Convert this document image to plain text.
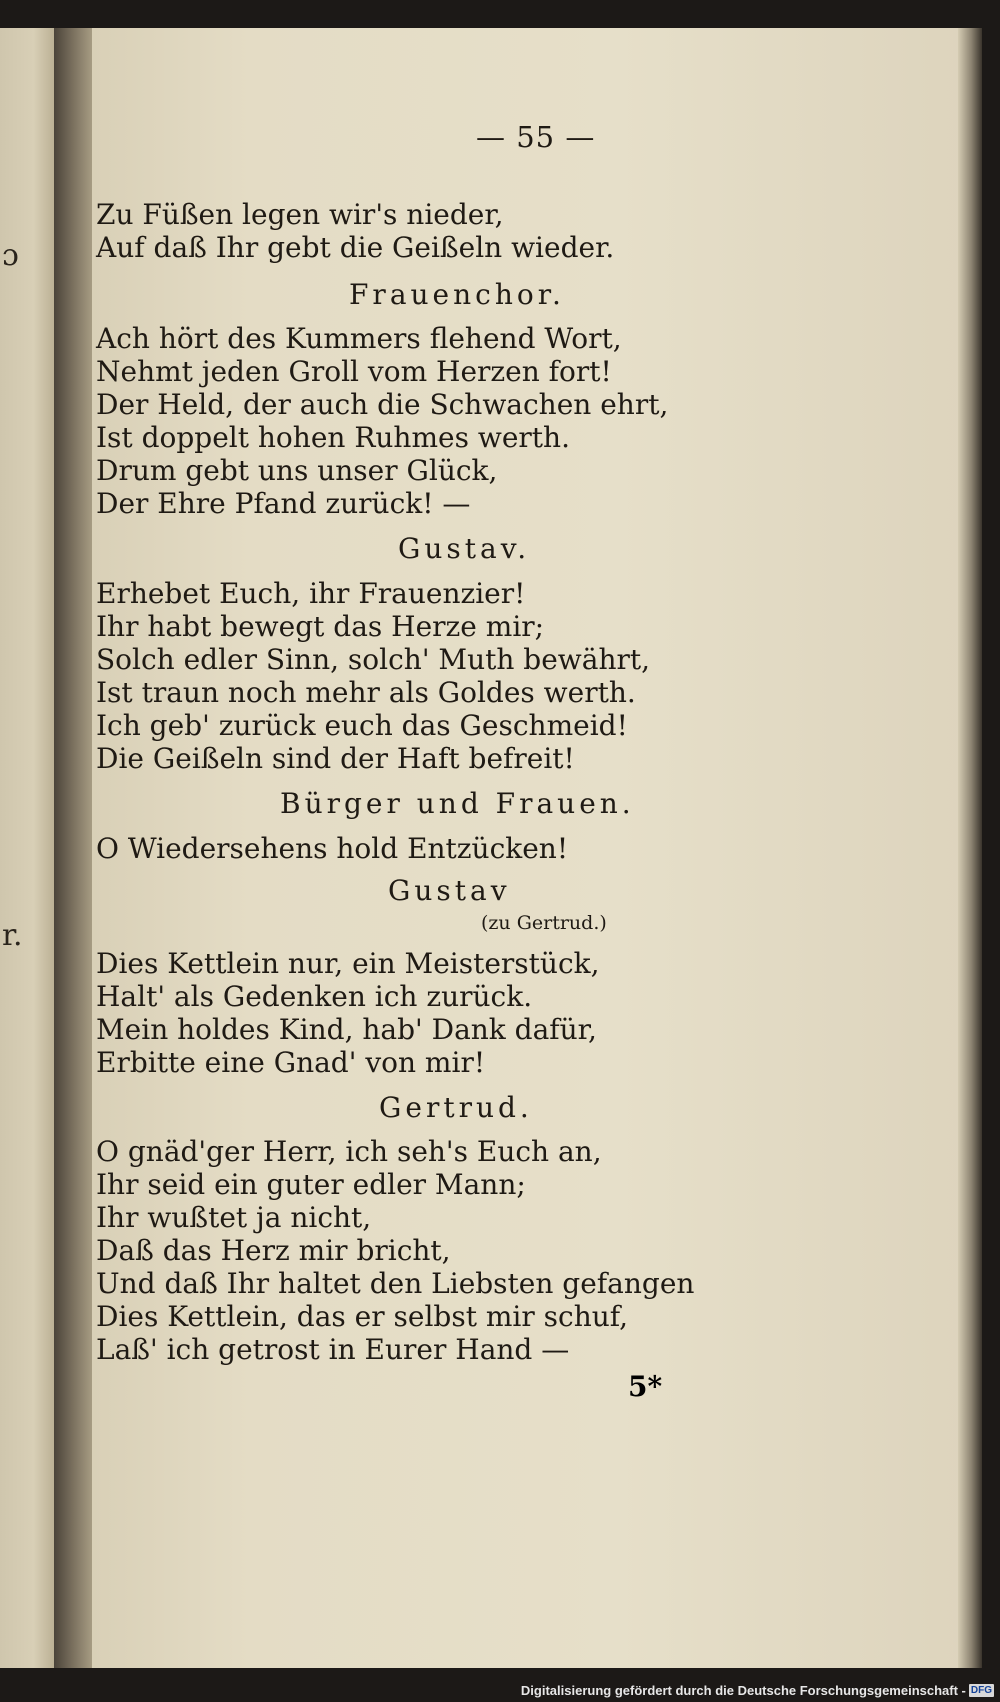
ɔ
r.
— 55 —
Zu Füßen legen wir's nieder,
Auf daß Ihr gebt die Geißeln wieder.
Frauenchor.
Ach hört des Kummers flehend Wort,
Nehmt jeden Groll vom Herzen fort!
Der Held, der auch die Schwachen ehrt,
Ist doppelt hohen Ruhmes werth.
Drum gebt uns unser Glück,
Der Ehre Pfand zurück! —
Gustav.
Erhebet Euch, ihr Frauenzier!
Ihr habt bewegt das Herze mir;
Solch edler Sinn, solch' Muth bewährt,
Ist traun noch mehr als Goldes werth.
Ich geb' zurück euch das Geschmeid!
Die Geißeln sind der Haft befreit!
Bürger und Frauen.
O Wiedersehens hold Entzücken!
Gustav
(zu Gertrud.)
Dies Kettlein nur, ein Meisterstück,
Halt' als Gedenken ich zurück.
Mein holdes Kind, hab' Dank dafür,
Erbitte eine Gnad' von mir!
Gertrud.
O gnäd'ger Herr, ich seh's Euch an,
Ihr seid ein guter edler Mann;
Ihr wußtet ja nicht,
Daß das Herz mir bricht,
Und daß Ihr haltet den Liebsten gefangen
Dies Kettlein, das er selbst mir schuf,
Laß' ich getrost in Eurer Hand —
5*
Digitalisierung gefördert durch die Deutsche Forschungsgemeinschaft - DFG
